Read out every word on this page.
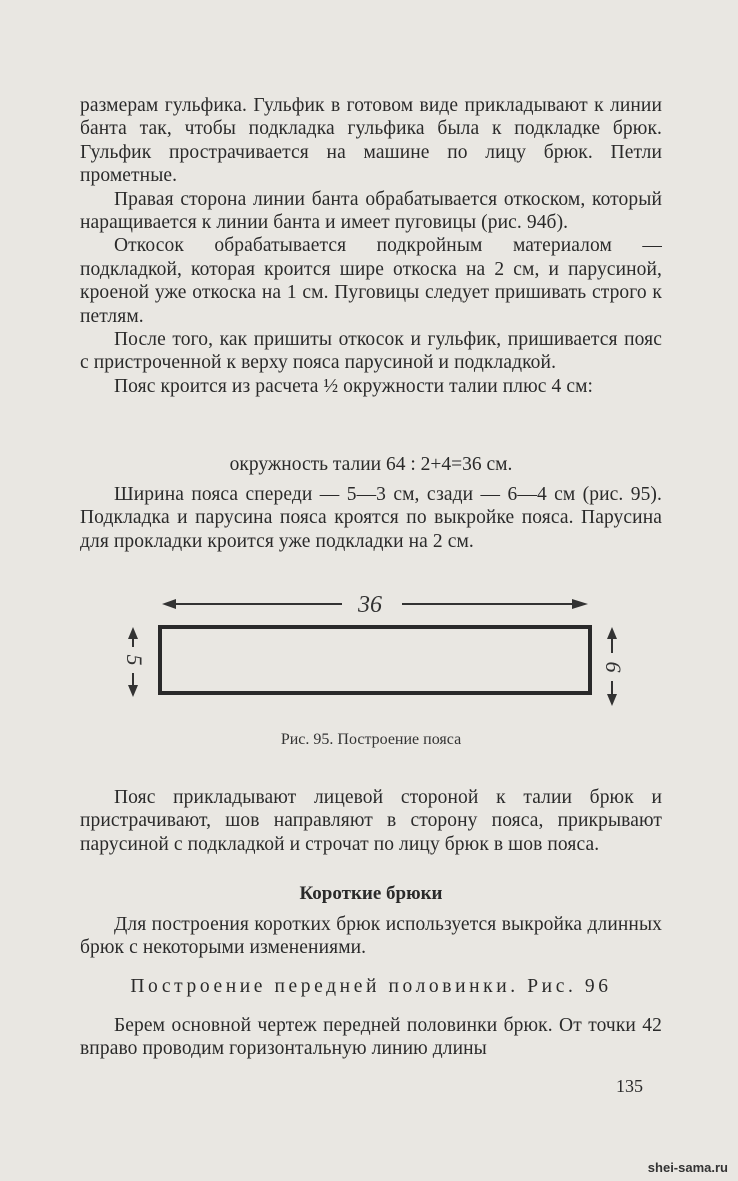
размерам гульфика. Гульфик в готовом виде прикладывают к линии банта так, чтобы подкладка гульфика была к подкладке брюк. Гульфик прострачивается на машине по лицу брюк. Петли прометные.

Правая сторона линии банта обрабатывается откоском, который наращивается к линии банта и имеет пуговицы (рис. 94б).

Откосок обрабатывается подкройным материалом — подкладкой, которая кроится шире откоска на 2 см, и парусиной, кроеной уже откоска на 1 см. Пуговицы следует пришивать строго к петлям.

После того, как пришиты откосок и гульфик, пришивается пояс с пристроченной к верху пояса парусиной и подкладкой.

Пояс кроится из расчета ½ окружности талии плюс 4 см:

окружность талии 64 : 2+4=36 см.

Ширина пояса спереди — 5—3 см, сзади — 6—4 см (рис. 95). Подкладка и парусина пояса кроятся по выкройке пояса. Парусина для прокладки кроится уже подкладки на 2 см.

36
5
6
Рис. 95. Построение пояса

Пояс прикладывают лицевой стороной к талии брюк и пристрачивают, шов направляют в сторону пояса, прикрывают парусиной с подкладкой и строчат по лицу брюк в шов пояса.

Короткие брюки

Для построения коротких брюк используется выкройка длинных брюк с некоторыми изменениями.

Построение передней половинки. Рис. 96

Берем основной чертеж передней половинки брюк. От точки 42 вправо проводим горизонтальную линию длины

135
shei-sama.ru
